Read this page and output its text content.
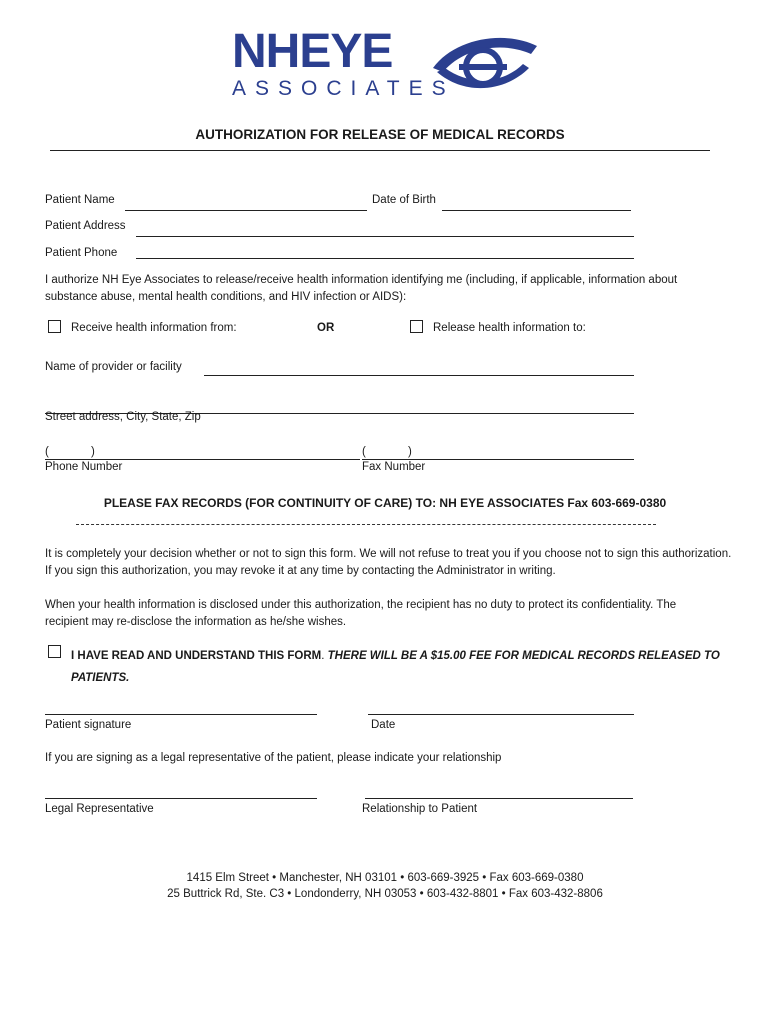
NHEYE
ASSOCIATES
AUTHORIZATION FOR RELEASE OF MEDICAL RECORDS
Patient Name	Date of Birth
Patient Address
Patient Phone
I authorize NH Eye Associates to release/receive health information identifying me (including, if applicable, information about substance abuse, mental health conditions, and HIV infection or AIDS):
Receive health information from:	OR	Release health information to:
Name of provider or facility
Street address, City, State, Zip
(	)	(	)
Phone Number	Fax Number
PLEASE FAX RECORDS (FOR CONTINUITY OF CARE) TO: NH EYE ASSOCIATES Fax 603-669-0380
It is completely your decision whether or not to sign this form. We will not refuse to treat you if you choose not to sign this authorization. If you sign this authorization, you may revoke it at any time by contacting the Administrator in writing.
When your health information is disclosed under this authorization, the recipient has no duty to protect its confidentiality. The recipient may re-disclose the information as he/she wishes.
I HAVE READ AND UNDERSTAND THIS FORM. THERE WILL BE A $15.00 FEE FOR MEDICAL RECORDS RELEASED TO PATIENTS.
Patient signature	Date
If you are signing as a legal representative of the patient, please indicate your relationship
Legal Representative	Relationship to Patient
1415 Elm Street • Manchester, NH 03101 • 603-669-3925 • Fax 603-669-0380
25 Buttrick Rd, Ste. C3 • Londonderry, NH 03053 • 603-432-8801 • Fax 603-432-8806
